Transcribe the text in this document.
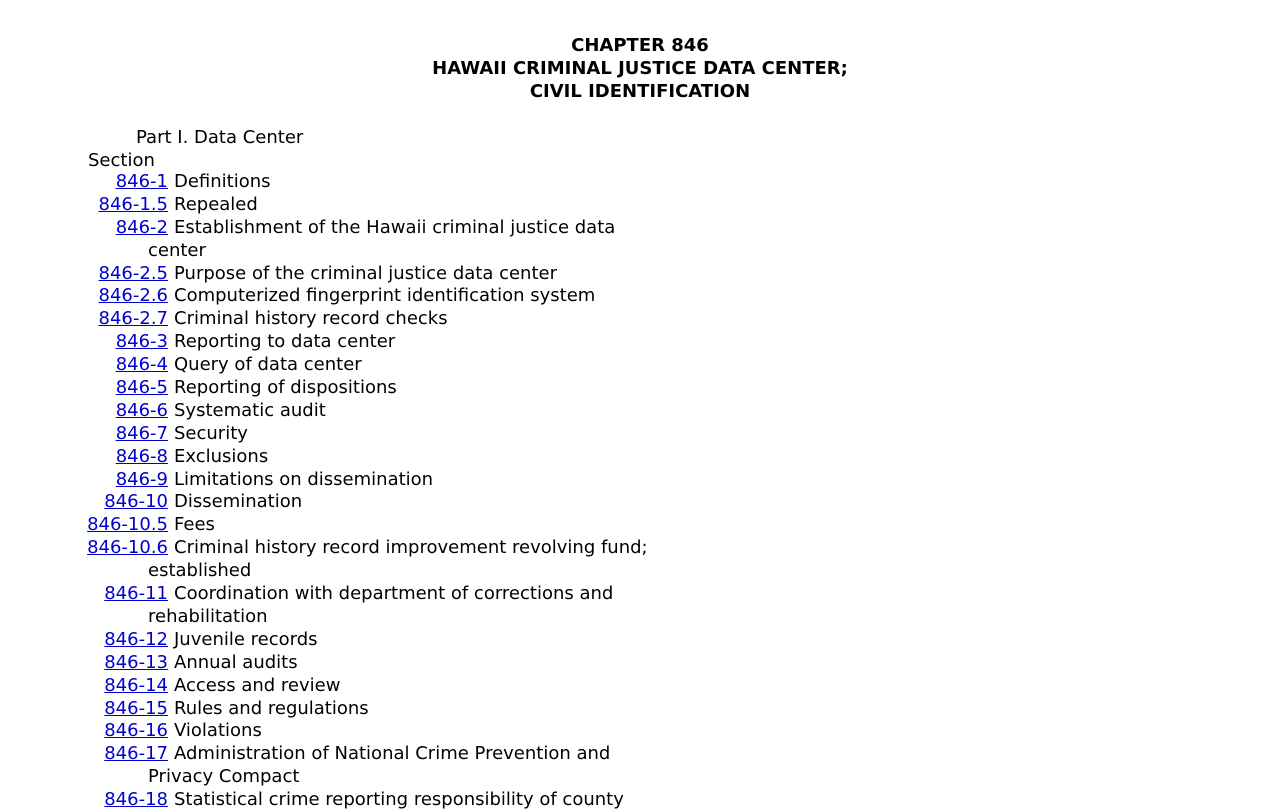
CHAPTER 846
HAWAII CRIMINAL JUSTICE DATA CENTER;
CIVIL IDENTIFICATION
Part I. Data Center
Section
846-1 Definitions
846-1.5 Repealed
846-2 Establishment of the Hawaii criminal justice data
center
846-2.5 Purpose of the criminal justice data center
846-2.6 Computerized fingerprint identification system
846-2.7 Criminal history record checks
846-3 Reporting to data center
846-4 Query of data center
846-5 Reporting of dispositions
846-6 Systematic audit
846-7 Security
846-8 Exclusions
846-9 Limitations on dissemination
846-10 Dissemination
846-10.5 Fees
846-10.6 Criminal history record improvement revolving fund;
established
846-11 Coordination with department of corrections and
rehabilitation
846-12 Juvenile records
846-13 Annual audits
846-14 Access and review
846-15 Rules and regulations
846-16 Violations
846-17 Administration of National Crime Prevention and
Privacy Compact
846-18 Statistical crime reporting responsibility of county
